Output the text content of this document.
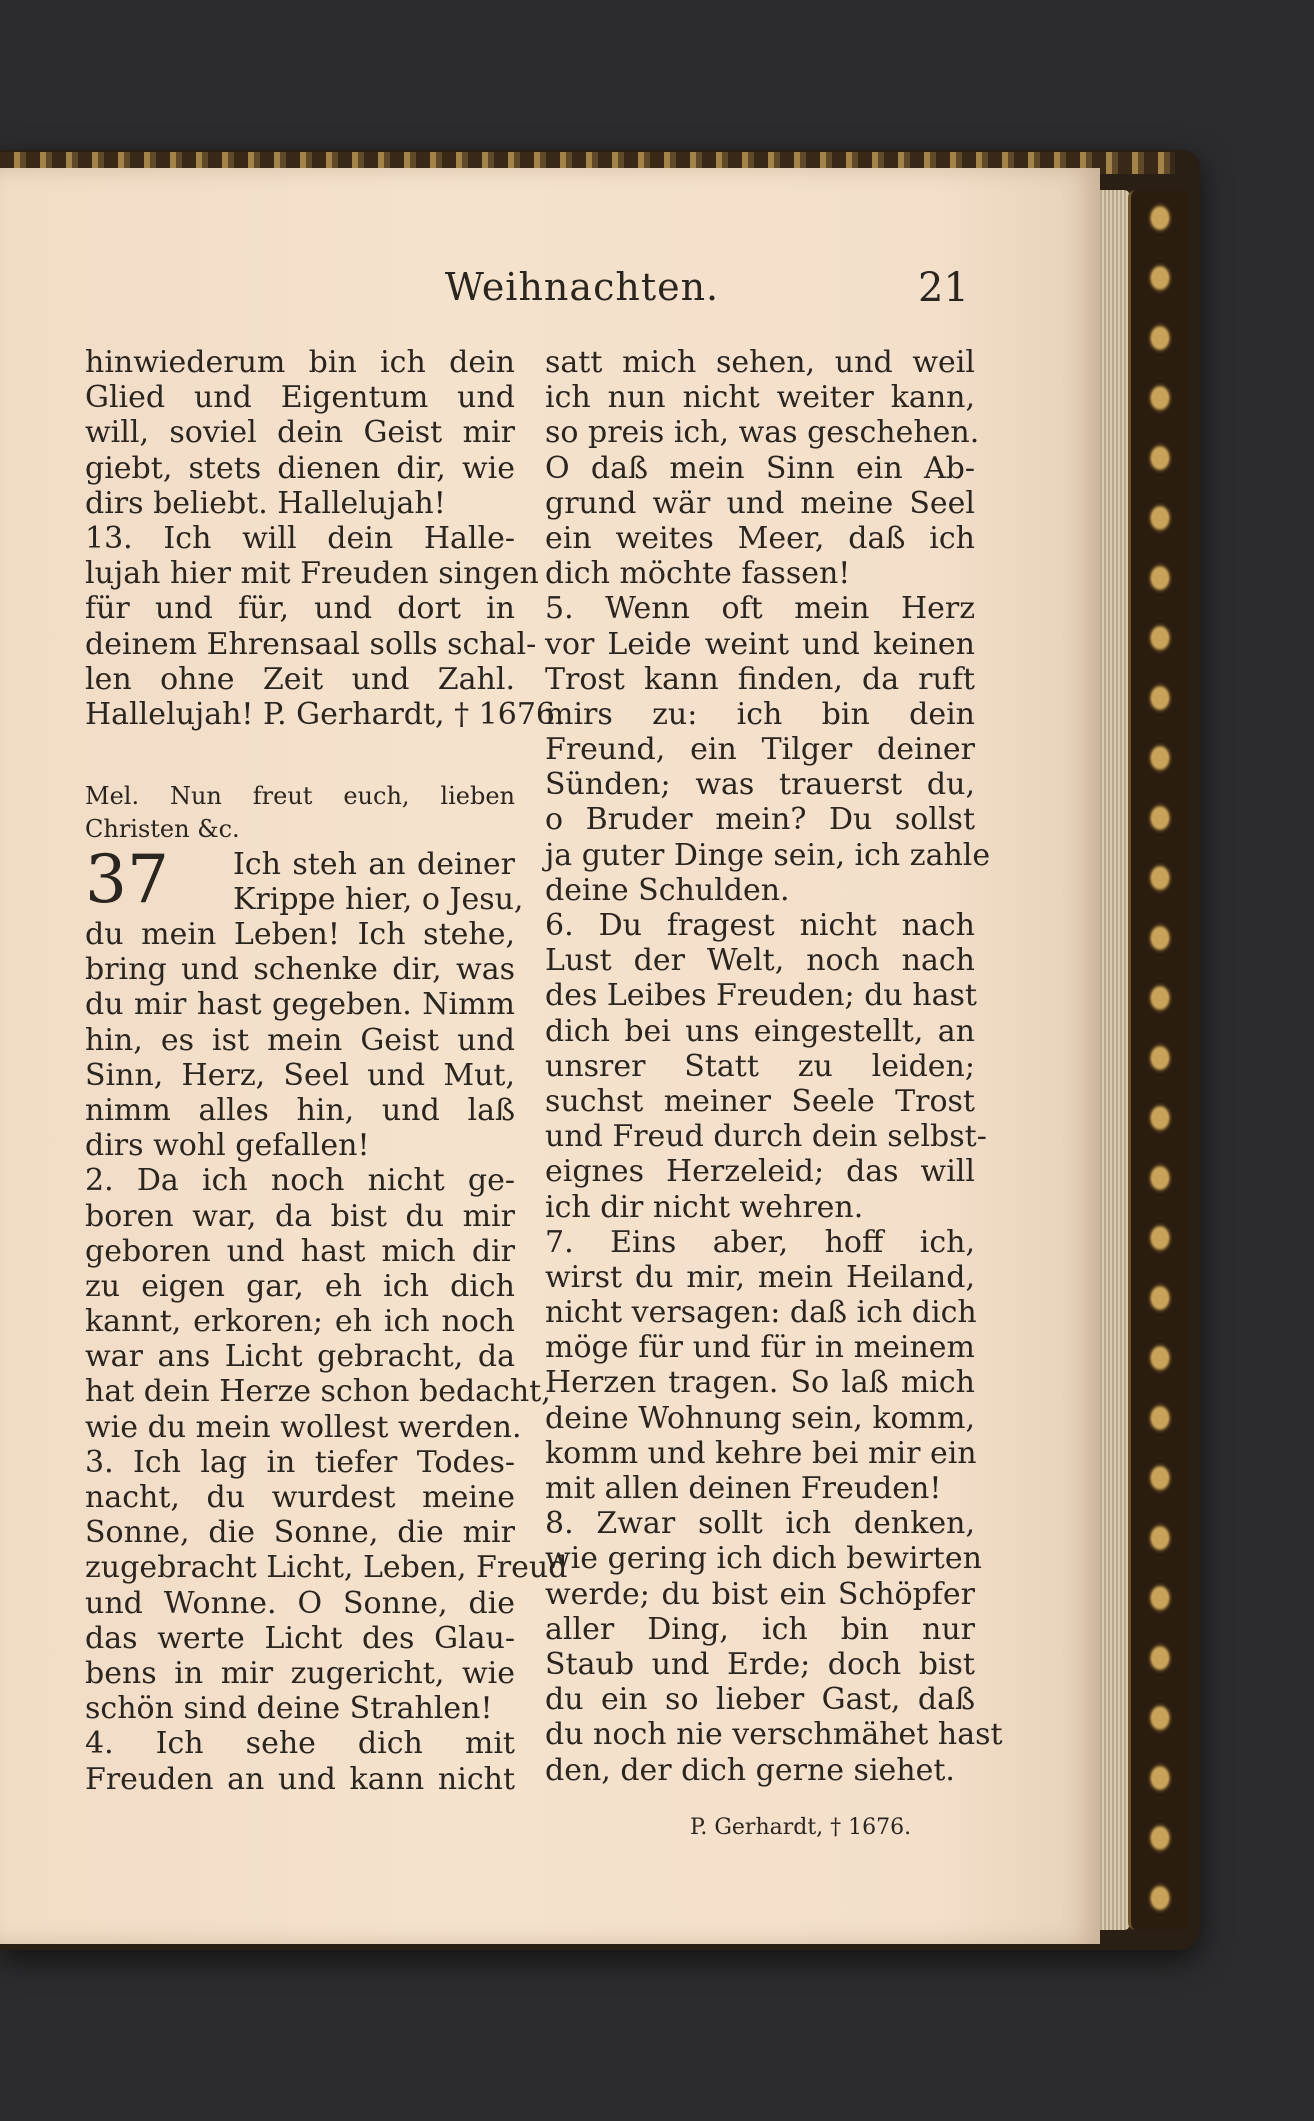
Weihnachten.	21
hinwiederum bin ich dein
Glied und Eigentum und
will, soviel dein Geist mir
giebt, stets dienen dir, wie
dirs beliebt. Hallelujah!
13. Ich will dein Halle-
lujah hier mit Freuden singen
für und für, und dort in
deinem Ehrensaal solls schal-
len ohne Zeit und Zahl.
Hallelujah! P. Gerhardt, † 1676.
Mel. Nun freut euch, lieben
Christen &c.
37 Ich steh an deiner
Krippe hier, o Jesu,
du mein Leben! Ich stehe,
bring und schenke dir, was
du mir hast gegeben. Nimm
hin, es ist mein Geist und
Sinn, Herz, Seel und Mut,
nimm alles hin, und laß
dirs wohl gefallen!
2. Da ich noch nicht ge-
boren war, da bist du mir
geboren und hast mich dir
zu eigen gar, eh ich dich
kannt, erkoren; eh ich noch
war ans Licht gebracht, da
hat dein Herze schon bedacht,
wie du mein wollest werden.
3. Ich lag in tiefer Todes-
nacht, du wurdest meine
Sonne, die Sonne, die mir
zugebracht Licht, Leben, Freud
und Wonne. O Sonne, die
das werte Licht des Glau-
bens in mir zugericht, wie
schön sind deine Strahlen!
4. Ich sehe dich mit
Freuden an und kann nicht
satt mich sehen, und weil
ich nun nicht weiter kann,
so preis ich, was geschehen.
O daß mein Sinn ein Ab-
grund wär und meine Seel
ein weites Meer, daß ich
dich möchte fassen!
5. Wenn oft mein Herz
vor Leide weint und keinen
Trost kann finden, da ruft
mirs zu: ich bin dein
Freund, ein Tilger deiner
Sünden; was trauerst du,
o Bruder mein? Du sollst
ja guter Dinge sein, ich zahle
deine Schulden.
6. Du fragest nicht nach
Lust der Welt, noch nach
des Leibes Freuden; du hast
dich bei uns eingestellt, an
unsrer Statt zu leiden;
suchst meiner Seele Trost
und Freud durch dein selbst-
eignes Herzeleid; das will
ich dir nicht wehren.
7. Eins aber, hoff ich,
wirst du mir, mein Heiland,
nicht versagen: daß ich dich
möge für und für in meinem
Herzen tragen. So laß mich
deine Wohnung sein, komm,
komm und kehre bei mir ein
mit allen deinen Freuden!
8. Zwar sollt ich denken,
wie gering ich dich bewirten
werde; du bist ein Schöpfer
aller Ding, ich bin nur
Staub und Erde; doch bist
du ein so lieber Gast, daß
du noch nie verschmähet hast
den, der dich gerne siehet.
P. Gerhardt, † 1676.
